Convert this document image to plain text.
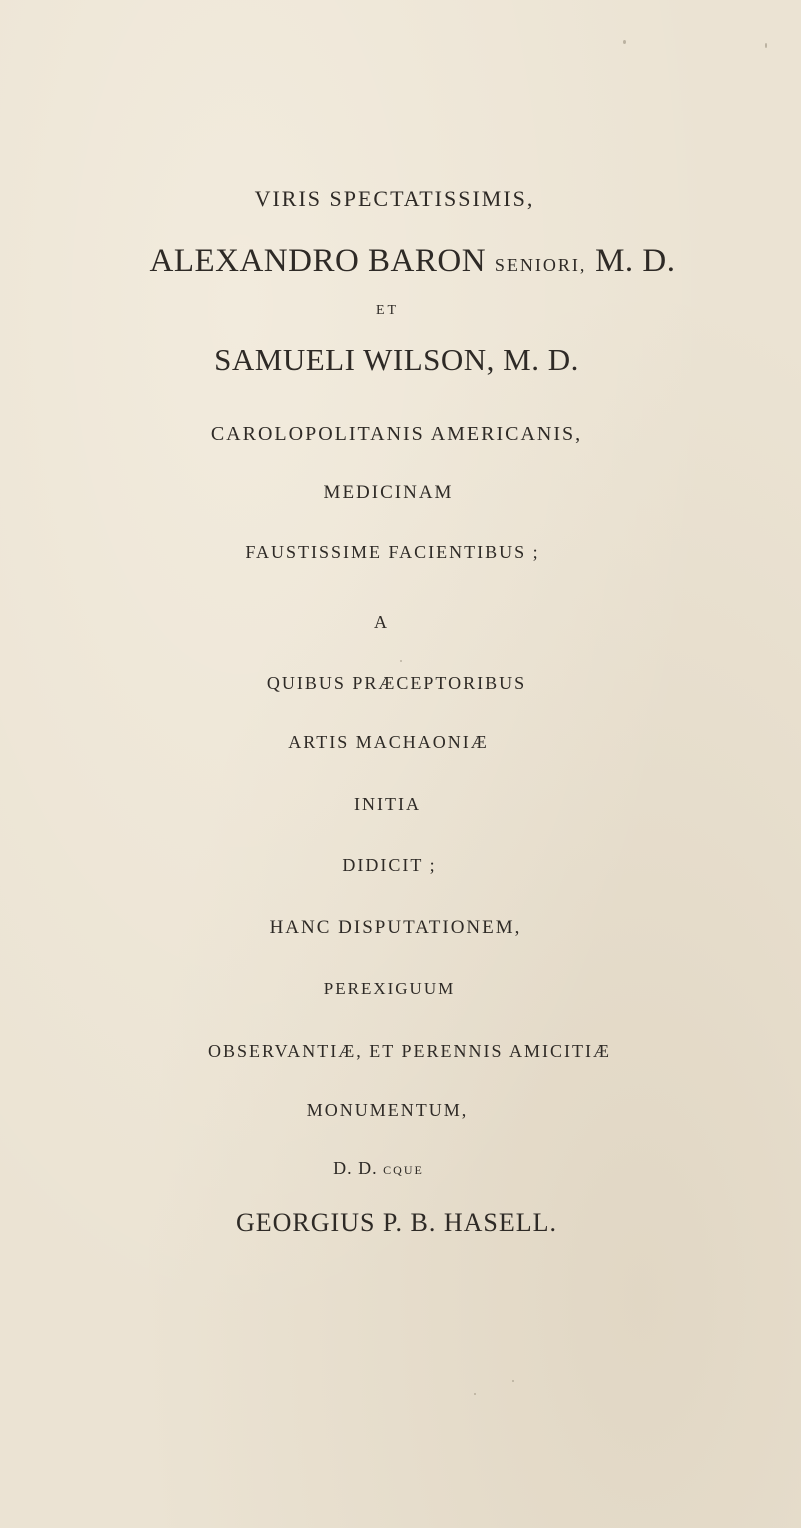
VIRIS SPECTATISSIMIS,

ALEXANDRO BARON SENIORI, M. D.

ET

SAMUELI WILSON, M. D.

CAROLOPOLITANIS AMERICANIS,

MEDICINAM

FAUSTISSIME FACIENTIBUS ;

A

QUIBUS PRÆCEPTORIBUS

ARTIS MACHAONIÆ

INITIA

DIDICIT ;

HANC DISPUTATIONEM,

PEREXIGUUM

OBSERVANTIÆ, ET PERENNIS AMICITIÆ

MONUMENTUM,

D. D. CQUE

GEORGIUS P. B. HASELL.
